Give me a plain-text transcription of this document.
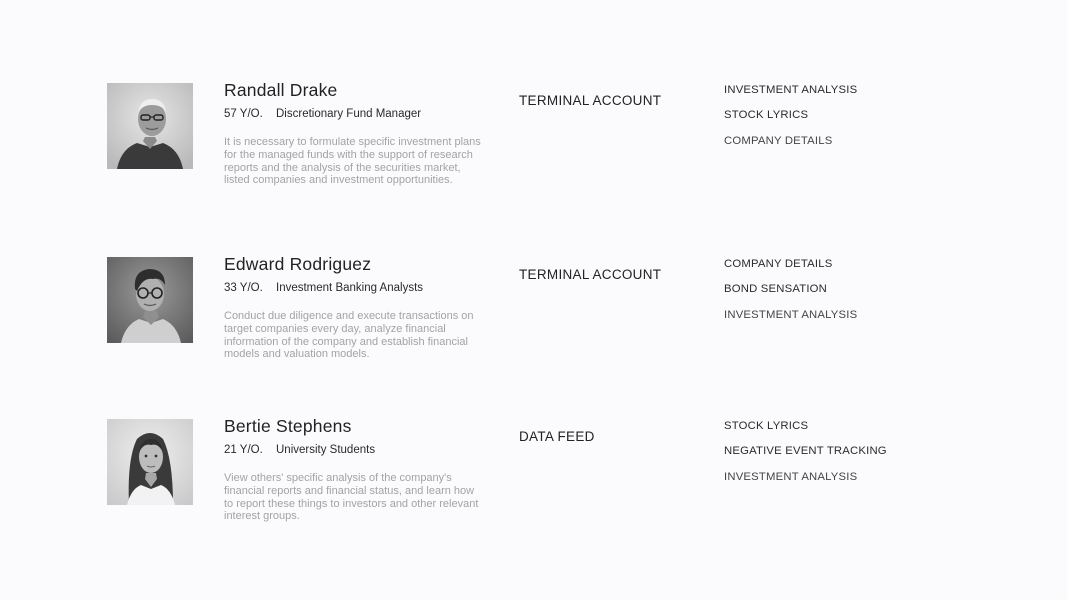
Randall Drake
57 Y/O. Discretionary Fund Manager
It is necessary to formulate specific investment plans for the managed funds with the support of research reports and the analysis of the securities market, listed companies and investment opportunities.
TERMINAL ACCOUNT
INVESTMENT ANALYSIS
STOCK LYRICS
COMPANY DETAILS
Edward Rodriguez
33 Y/O. Investment Banking Analysts
Conduct due diligence and execute transactions on target companies every day, analyze financial information of the company and establish financial models and valuation models.
TERMINAL ACCOUNT
COMPANY DETAILS
BOND SENSATION
INVESTMENT ANALYSIS
Bertie Stephens
21 Y/O. University Students
View others' specific analysis of the company's financial reports and financial status, and learn how to report these things to investors and other relevant interest groups.
DATA FEED
STOCK LYRICS
NEGATIVE EVENT TRACKING
INVESTMENT ANALYSIS
